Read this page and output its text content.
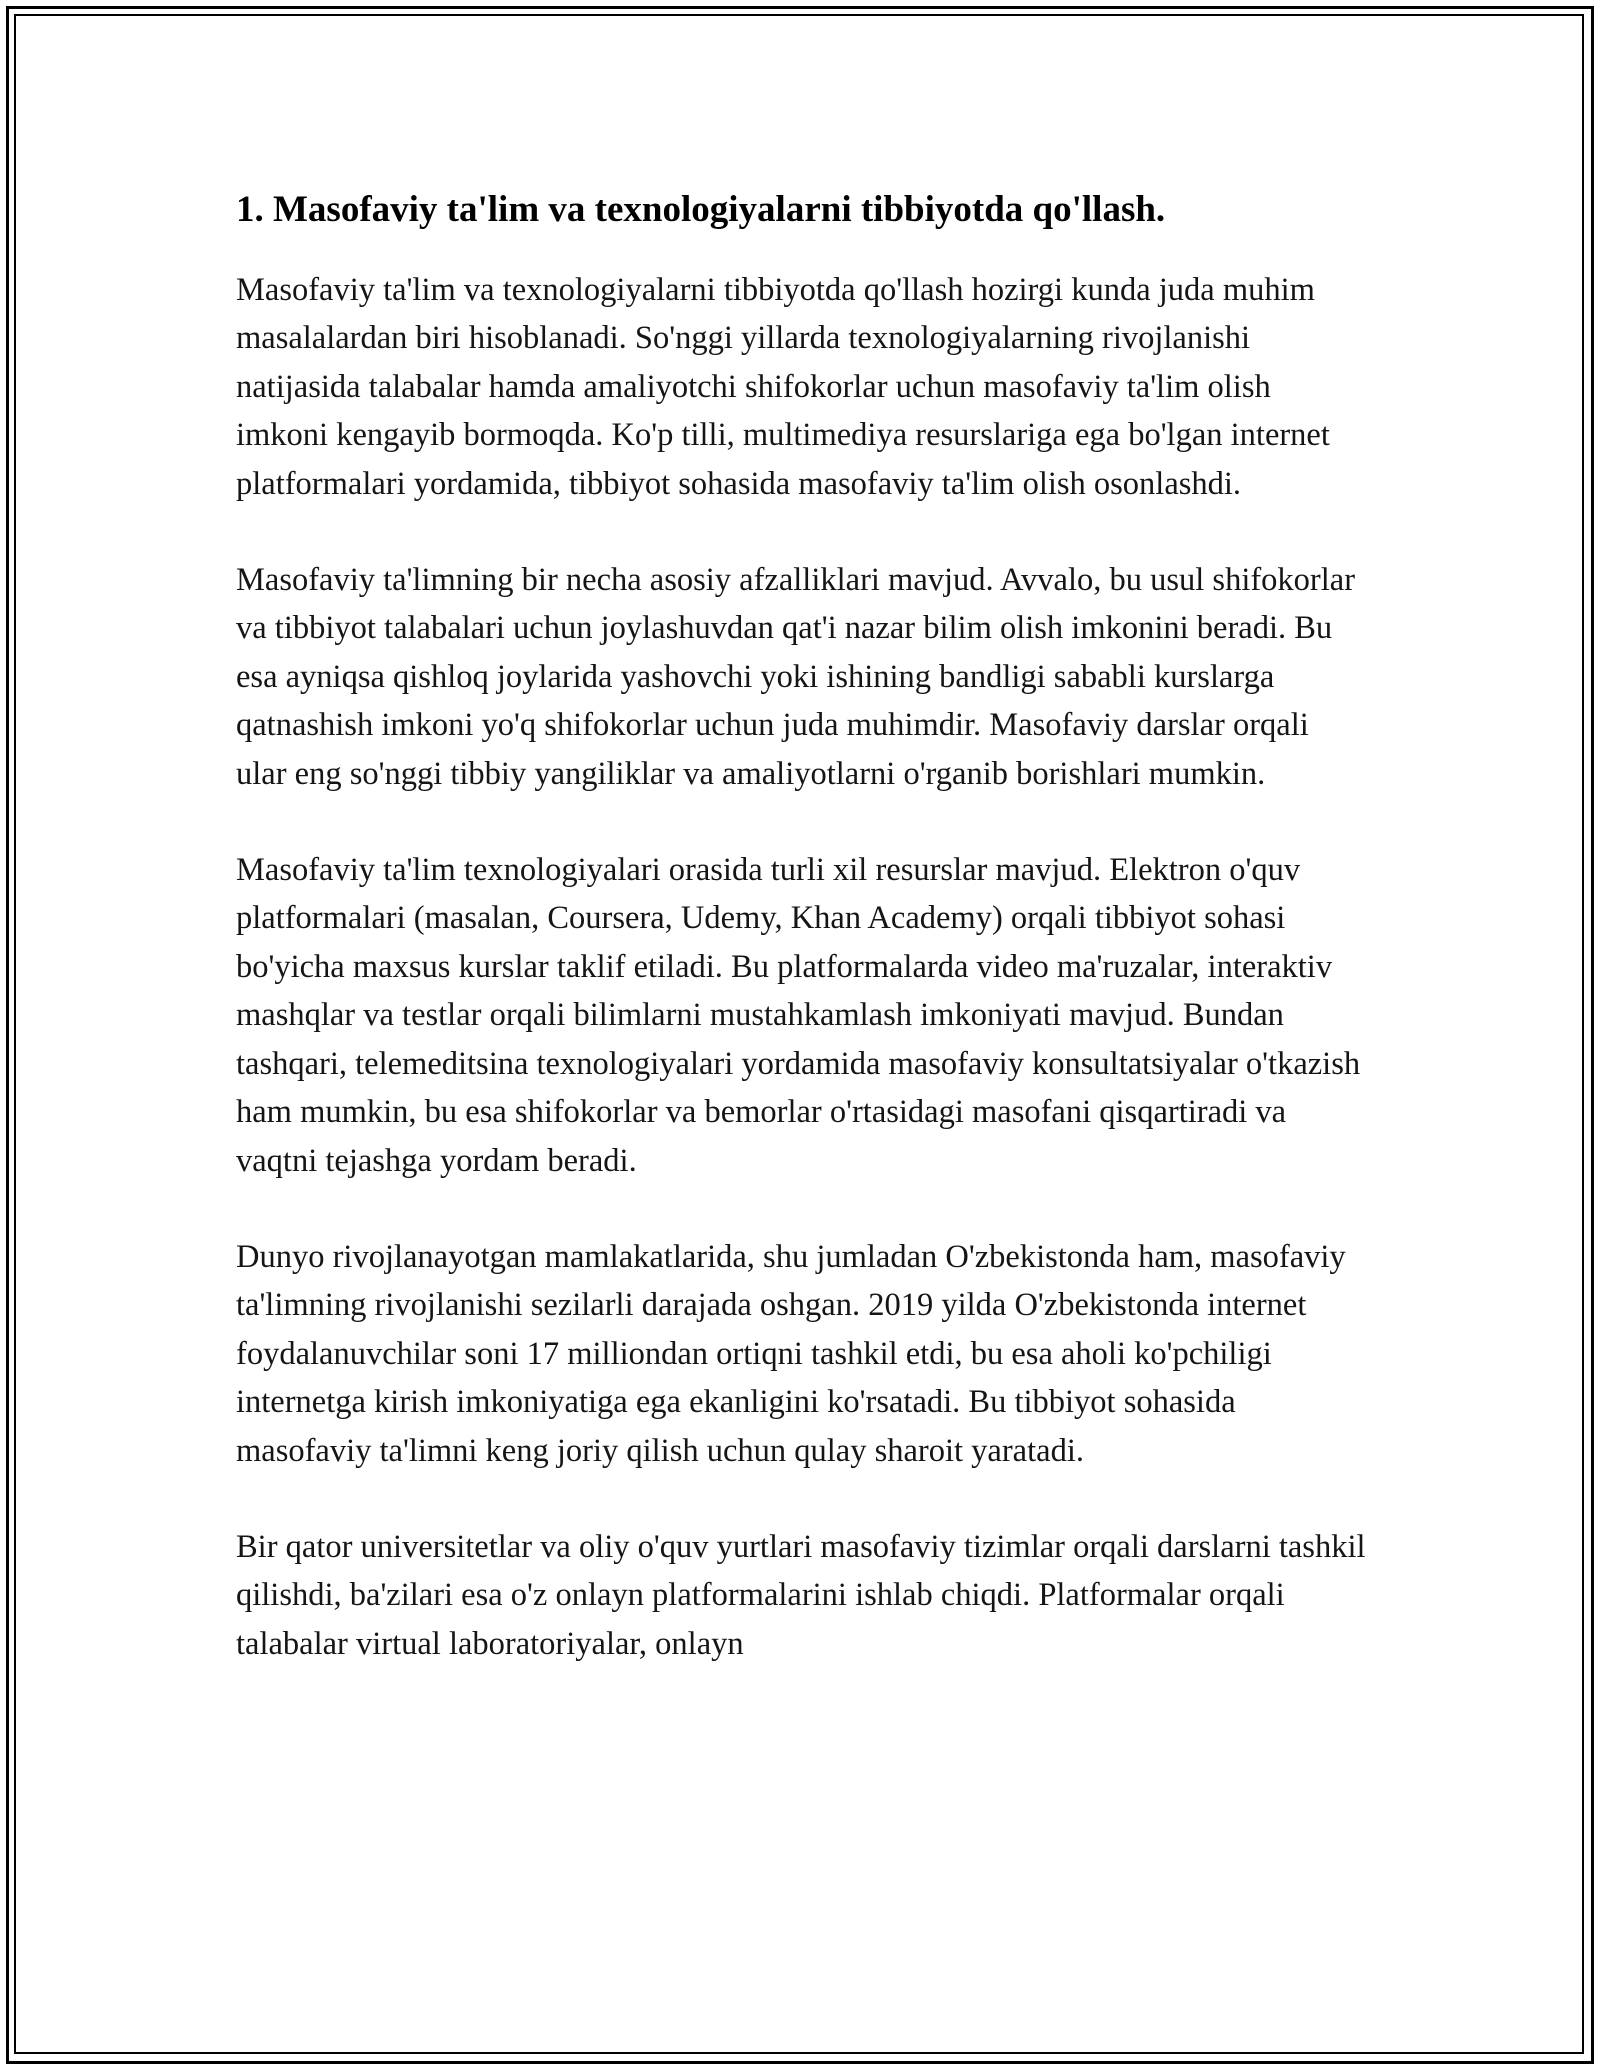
1. Masofaviy ta'lim va texnologiyalarni tibbiyotda qo'llash.

Masofaviy ta'lim va texnologiyalarni tibbiyotda qo'llash hozirgi kunda juda muhim masalalardan biri hisoblanadi. So'nggi yillarda texnologiyalarning rivojlanishi natijasida talabalar hamda amaliyotchi shifokorlar uchun masofaviy ta'lim olish imkoni kengayib bormoqda. Ko'p tilli, multimediya resurslariga ega bo'lgan internet platformalari yordamida, tibbiyot sohasida masofaviy ta'lim olish osonlashdi.

Masofaviy ta'limning bir necha asosiy afzalliklari mavjud. Avvalo, bu usul shifokorlar va tibbiyot talabalari uchun joylashuvdan qat'i nazar bilim olish imkonini beradi. Bu esa ayniqsa qishloq joylarida yashovchi yoki ishining bandligi sababli kurslarga qatnashish imkoni yo'q shifokorlar uchun juda muhimdir. Masofaviy darslar orqali ular eng so'nggi tibbiy yangiliklar va amaliyotlarni o'rganib borishlari mumkin.

Masofaviy ta'lim texnologiyalari orasida turli xil resurslar mavjud. Elektron o'quv platformalari (masalan, Coursera, Udemy, Khan Academy) orqali tibbiyot sohasi bo'yicha maxsus kurslar taklif etiladi. Bu platformalarda video ma'ruzalar, interaktiv mashqlar va testlar orqali bilimlarni mustahkamlash imkoniyati mavjud. Bundan tashqari, telemeditsina texnologiyalari yordamida masofaviy konsultatsiyalar o'tkazish ham mumkin, bu esa shifokorlar va bemorlar o'rtasidagi masofani qisqartiradi va vaqtni tejashga yordam beradi.

Dunyo rivojlanayotgan mamlakatlarida, shu jumladan O'zbekistonda ham, masofaviy ta'limning rivojlanishi sezilarli darajada oshgan. 2019 yilda O'zbekistonda internet foydalanuvchilar soni 17 milliondan ortiqni tashkil etdi, bu esa aholi ko'pchiligi internetga kirish imkoniyatiga ega ekanligini ko'rsatadi. Bu tibbiyot sohasida masofaviy ta'limni keng joriy qilish uchun qulay sharoit yaratadi.

Bir qator universitetlar va oliy o'quv yurtlari masofaviy tizimlar orqali darslarni tashkil qilishdi, ba'zilari esa o'z onlayn platformalarini ishlab chiqdi. Platformalar orqali talabalar virtual laboratoriyalar, onlayn
